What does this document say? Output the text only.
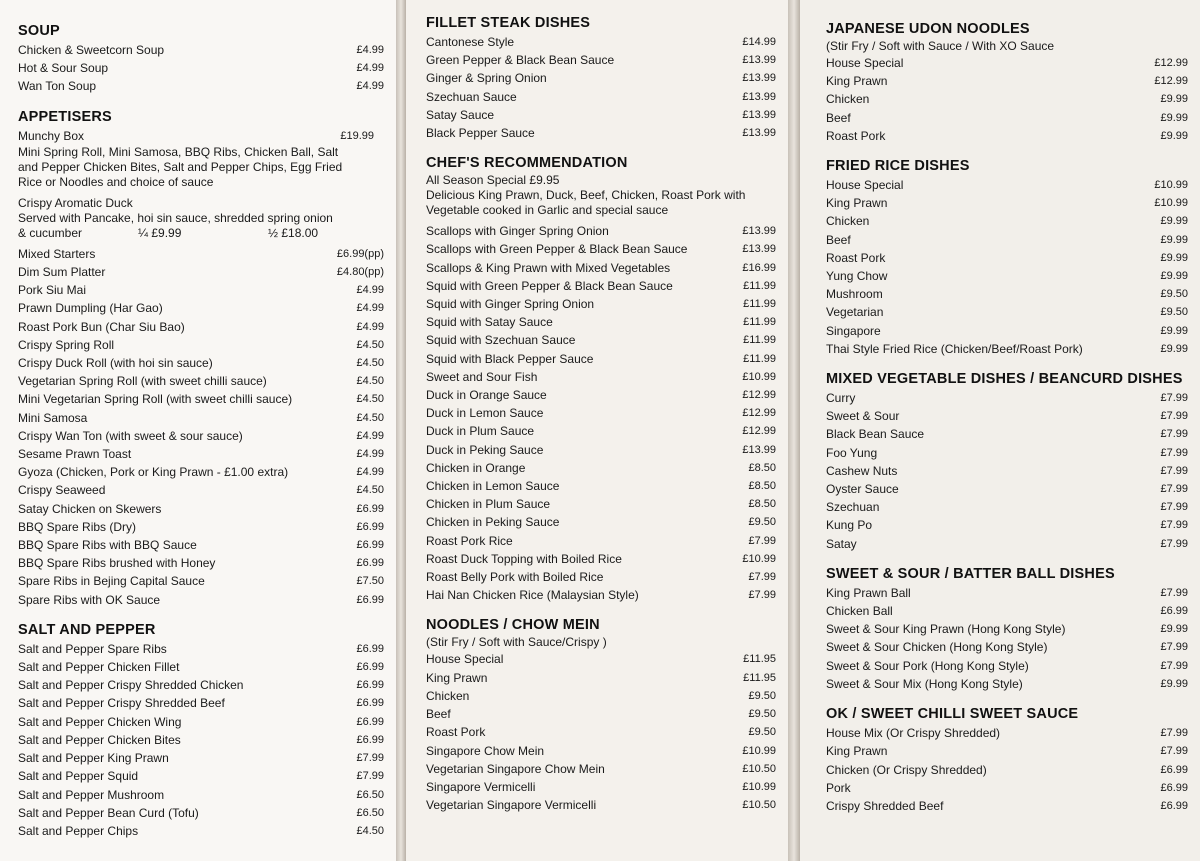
SOUP
Chicken & Sweetcorn Soup	£4.99
Hot & Sour Soup	£4.99
Wan Ton Soup	£4.99
APPETISERS
Munchy Box	£19.99
Mini Spring Roll, Mini Samosa, BBQ Ribs, Chicken Ball, Salt and Pepper Chicken Bites, Salt and Pepper Chips, Egg Fried Rice or Noodles and choice of sauce
Crispy Aromatic Duck
Served with Pancake, hoi sin sauce, shredded spring onion
& cucumber	¼ £9.99	½ £18.00
Mixed Starters	£6.99(pp)
Dim Sum Platter	£4.80(pp)
Pork Siu Mai	£4.99
Prawn Dumpling (Har Gao)	£4.99
Roast Pork Bun (Char Siu Bao)	£4.99
Crispy Spring Roll	£4.50
Crispy Duck Roll (with hoi sin sauce)	£4.50
Vegetarian Spring Roll (with sweet chilli sauce)	£4.50
Mini Vegetarian Spring Roll (with sweet chilli sauce)	£4.50
Mini Samosa	£4.50
Crispy Wan Ton (with sweet & sour sauce)	£4.99
Sesame Prawn Toast	£4.99
Gyoza (Chicken, Pork or King Prawn - £1.00 extra)	£4.99
Crispy Seaweed	£4.50
Satay Chicken on Skewers	£6.99
BBQ Spare Ribs (Dry)	£6.99
BBQ Spare Ribs with BBQ Sauce	£6.99
BBQ Spare Ribs brushed with Honey	£6.99
Spare Ribs in Bejing Capital Sauce	£7.50
Spare Ribs with OK Sauce	£6.99
SALT AND PEPPER
Salt and Pepper Spare Ribs	£6.99
Salt and Pepper Chicken Fillet	£6.99
Salt and Pepper Crispy Shredded Chicken	£6.99
Salt and Pepper Crispy Shredded Beef	£6.99
Salt and Pepper Chicken Wing	£6.99
Salt and Pepper Chicken Bites	£6.99
Salt and Pepper King Prawn	£7.99
Salt and Pepper Squid	£7.99
Salt and Pepper Mushroom	£6.50
Salt and Pepper Bean Curd (Tofu)	£6.50
Salt and Pepper Chips	£4.50
FILLET STEAK DISHES
Cantonese Style	£14.99
Green Pepper & Black Bean Sauce	£13.99
Ginger & Spring Onion	£13.99
Szechuan Sauce	£13.99
Satay Sauce	£13.99
Black Pepper Sauce	£13.99
CHEF'S RECOMMENDATION
All Season Special £9.95
Delicious King Prawn, Duck, Beef, Chicken, Roast Pork with Vegetable cooked in Garlic and special sauce
Scallops with Ginger Spring Onion	£13.99
Scallops with Green Pepper & Black Bean Sauce	£13.99
Scallops & King Prawn with Mixed Vegetables	£16.99
Squid with Green Pepper & Black Bean Sauce	£11.99
Squid with Ginger Spring Onion	£11.99
Squid with Satay Sauce	£11.99
Squid with Szechuan Sauce	£11.99
Squid with Black Pepper Sauce	£11.99
Sweet and Sour Fish	£10.99
Duck in Orange Sauce	£12.99
Duck in Lemon Sauce	£12.99
Duck in Plum Sauce	£12.99
Duck in Peking Sauce	£13.99
Chicken in Orange	£8.50
Chicken in Lemon Sauce	£8.50
Chicken in Plum Sauce	£8.50
Chicken in Peking Sauce	£9.50
Roast Pork Rice	£7.99
Roast Duck Topping with Boiled Rice	£10.99
Roast Belly Pork with Boiled Rice	£7.99
Hai Nan Chicken Rice (Malaysian Style)	£7.99
NOODLES / CHOW MEIN
(Stir Fry / Soft with Sauce/Crispy )
House Special	£11.95
King Prawn	£11.95
Chicken	£9.50
Beef	£9.50
Roast Pork	£9.50
Singapore Chow Mein	£10.99
Vegetarian Singapore Chow Mein	£10.50
Singapore Vermicelli	£10.99
Vegetarian Singapore Vermicelli	£10.50
JAPANESE UDON NOODLES
(Stir Fry / Soft with Sauce / With XO Sauce
House Special	£12.99
King Prawn	£12.99
Chicken	£9.99
Beef	£9.99
Roast Pork	£9.99
FRIED RICE DISHES
House Special	£10.99
King Prawn	£10.99
Chicken	£9.99
Beef	£9.99
Roast Pork	£9.99
Yung Chow	£9.99
Mushroom	£9.50
Vegetarian	£9.50
Singapore	£9.99
Thai Style Fried Rice (Chicken/Beef/Roast Pork)	£9.99
MIXED VEGETABLE DISHES / BEANCURD DISHES
Curry	£7.99
Sweet & Sour	£7.99
Black Bean Sauce	£7.99
Foo Yung	£7.99
Cashew Nuts	£7.99
Oyster Sauce	£7.99
Szechuan	£7.99
Kung Po	£7.99
Satay	£7.99
SWEET & SOUR / BATTER BALL DISHES
King Prawn Ball	£7.99
Chicken Ball	£6.99
Sweet & Sour King Prawn (Hong Kong Style)	£9.99
Sweet & Sour Chicken (Hong Kong Style)	£7.99
Sweet & Sour Pork (Hong Kong Style)	£7.99
Sweet & Sour Mix (Hong Kong Style)	£9.99
OK / SWEET CHILLI SWEET SAUCE
House Mix (Or Crispy Shredded)	£7.99
King Prawn	£7.99
Chicken (Or Crispy Shredded)	£6.99
Pork	£6.99
Crispy Shredded Beef	£6.99
